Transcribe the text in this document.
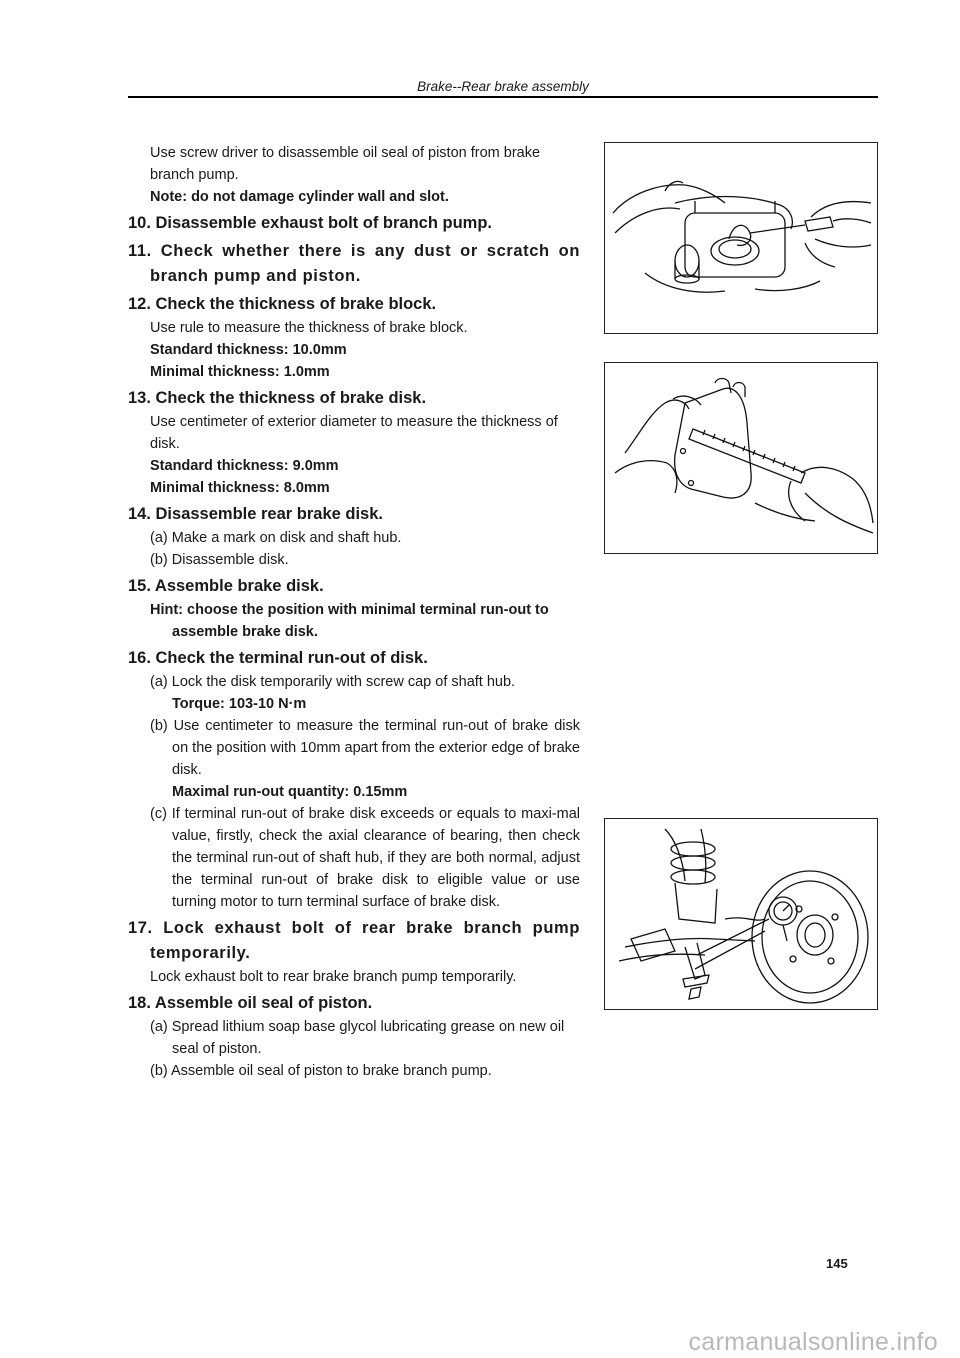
Brake--Rear brake assembly
Use screw driver to disassemble oil seal of piston from brake branch pump.
Note: do not damage cylinder wall and slot.
10. Disassemble exhaust bolt of branch pump.
11. Check whether there is any dust or scratch on branch pump and piston.
12. Check the thickness of brake block.
Use rule to measure the thickness of brake block.
Standard thickness: 10.0mm
Minimal thickness: 1.0mm
13. Check the thickness of brake disk.
Use centimeter of exterior diameter to measure the thickness of disk.
Standard thickness: 9.0mm
Minimal thickness: 8.0mm
14. Disassemble rear brake disk.
(a) Make a mark on disk and shaft hub.
(b) Disassemble disk.
15. Assemble brake disk.
Hint: choose the position with minimal terminal run-out to assemble brake disk.
16. Check the terminal run-out of disk.
(a) Lock the disk temporarily with screw cap of shaft hub.
Torque: 103-10 N·m
(b) Use centimeter to measure the terminal run-out of brake disk on the position with 10mm apart from the exterior edge of brake disk.
Maximal run-out quantity: 0.15mm
(c) If terminal run-out of brake disk exceeds or equals to maxi-mal value, firstly, check the axial clearance of bearing, then check the terminal run-out of shaft hub, if they are both normal, adjust the terminal run-out of brake disk to eligible value or use turning motor to turn terminal surface of brake disk.
17. Lock exhaust bolt of rear brake branch pump temporarily.
Lock exhaust bolt to rear brake branch pump temporarily.
18. Assemble oil seal of piston.
(a) Spread lithium soap base glycol lubricating grease on new oil seal of piston.
(b) Assemble oil seal of piston to brake branch pump.
145
carmanualsonline.info
